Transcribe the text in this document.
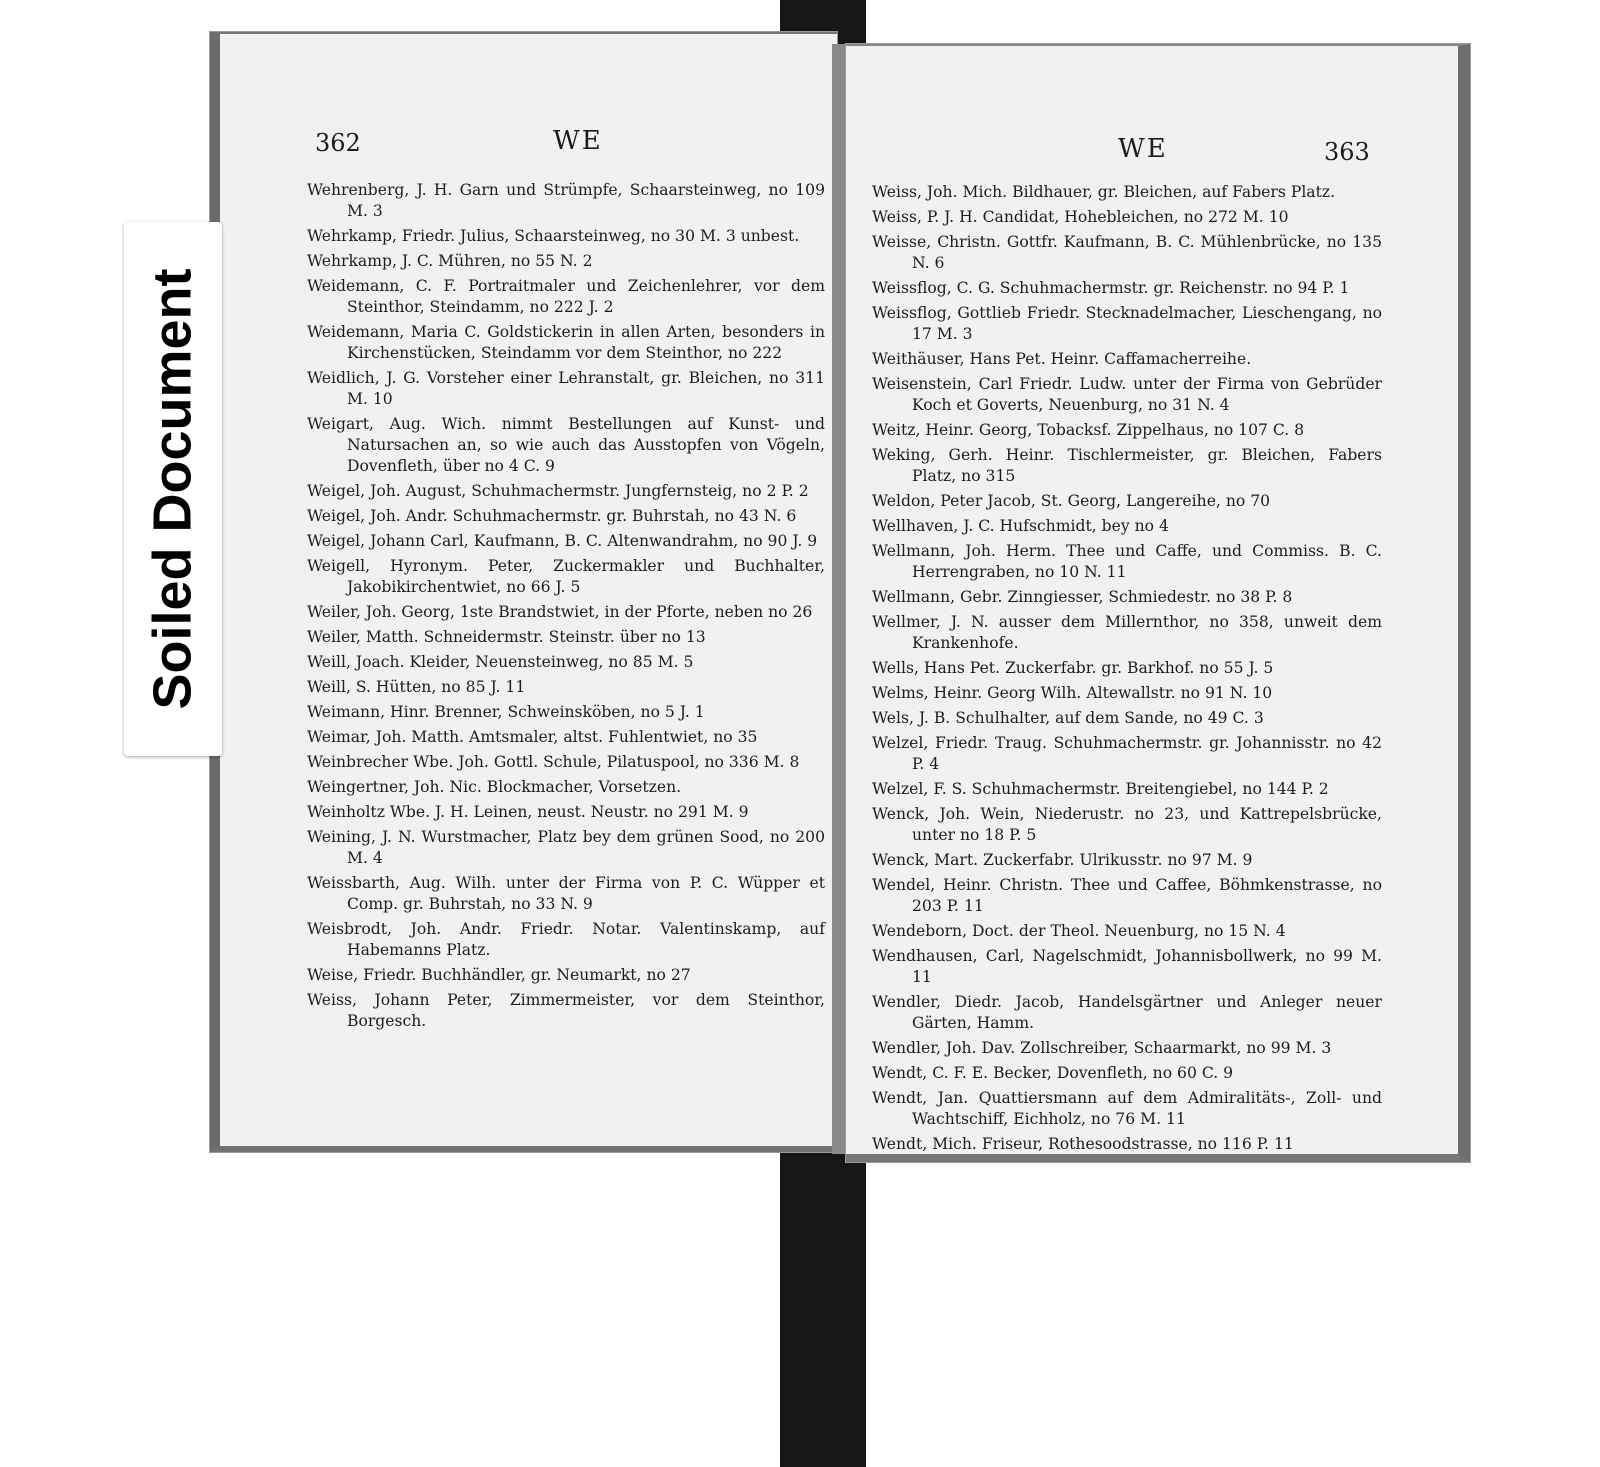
362	WE
Wehrenberg, J. H. Garn und Strümpfe, Schaarsteinweg, no 109 M. 3
Wehrkamp, Friedr. Julius, Schaarsteinweg, no 30 M. 3 unbest.
Wehrkamp, J. C. Mühren, no 55 N. 2
Weidemann, C. F. Portraitmaler und Zeichenlehrer, vor dem Steinthor, Steindamm, no 222 J. 2
Weidemann, Maria C. Goldstickerin in allen Arten, besonders in Kirchenstücken, Steindamm vor dem Steinthor, no 222
Weidlich, J. G. Vorsteher einer Lehranstalt, gr. Bleichen, no 311 M. 10
Weigart, Aug. Wich. nimmt Bestellungen auf Kunst- und Natursachen an, so wie auch das Ausstopfen von Vögeln, Dovenfleth, über no 4 C. 9
Weigel, Joh. August, Schuhmachermstr. Jungfernsteig, no 2 P. 2
Weigel, Joh. Andr. Schuhmachermstr. gr. Buhrstah, no 43 N. 6
Weigel, Johann Carl, Kaufmann, B. C. Altenwandrahm, no 90 J. 9
Weigell, Hyronym. Peter, Zuckermakler und Buchhalter, Jakobikirchentwiet, no 66 J. 5
Weiler, Joh. Georg, 1ste Brandstwiet, in der Pforte, neben no 26
Weiler, Matth. Schneidermstr. Steinstr. über no 13
Weill, Joach. Kleider, Neuensteinweg, no 85 M. 5
Weill, S. Hütten, no 85 J. 11
Weimann, Hinr. Brenner, Schweinsköben, no 5 J. 1
Weimar, Joh. Matth. Amtsmaler, altst. Fuhlentwiet, no 35
Weinbrecher Wbe. Joh. Gottl. Schule, Pilatuspool, no 336 M. 8
Weingertner, Joh. Nic. Blockmacher, Vorsetzen.
Weinholtz Wbe. J. H. Leinen, neust. Neustr. no 291 M. 9
Weining, J. N. Wurstmacher, Platz bey dem grünen Sood, no 200 M. 4
Weissbarth, Aug. Wilh. unter der Firma von P. C. Wüpper et Comp. gr. Buhrstah, no 33 N. 9
Weisbrodt, Joh. Andr. Friedr. Notar. Valentinskamp, auf Habemanns Platz.
Weise, Friedr. Buchhändler, gr. Neumarkt, no 27
Weiss, Johann Peter, Zimmermeister, vor dem Steinthor, Borgesch.
WE	363
Weiss, Joh. Mich. Bildhauer, gr. Bleichen, auf Fabers Platz.
Weiss, P. J. H. Candidat, Hohebleichen, no 272 M. 10
Weisse, Christn. Gottfr. Kaufmann, B. C. Mühlenbrücke, no 135 N. 6
Weissflog, C. G. Schuhmachermstr. gr. Reichenstr. no 94 P. 1
Weissflog, Gottlieb Friedr. Stecknadelmacher, Lieschengang, no 17 M. 3
Weithäuser, Hans Pet. Heinr. Caffamacherreihe.
Weisenstein, Carl Friedr. Ludw. unter der Firma von Gebrüder Koch et Goverts, Neuenburg, no 31 N. 4
Weitz, Heinr. Georg, Tobacksf. Zippelhaus, no 107 C. 8
Weking, Gerh. Heinr. Tischlermeister, gr. Bleichen, Fabers Platz, no 315
Weldon, Peter Jacob, St. Georg, Langereihe, no 70
Wellhaven, J. C. Hufschmidt, bey no 4
Wellmann, Joh. Herm. Thee und Caffe, und Commiss. B. C. Herrengraben, no 10 N. 11
Wellmann, Gebr. Zinngiesser, Schmiedestr. no 38 P. 8
Wellmer, J. N. ausser dem Millernthor, no 358, unweit dem Krankenhofe.
Wells, Hans Pet. Zuckerfabr. gr. Barkhof. no 55 J. 5
Welms, Heinr. Georg Wilh. Altewallstr. no 91 N. 10
Wels, J. B. Schulhalter, auf dem Sande, no 49 C. 3
Welzel, Friedr. Traug. Schuhmachermstr. gr. Johannisstr. no 42 P. 4
Welzel, F. S. Schuhmachermstr. Breitengiebel, no 144 P. 2
Wenck, Joh. Wein, Niederustr. no 23, und Kattrepelsbrücke, unter no 18 P. 5
Wenck, Mart. Zuckerfabr. Ulrikusstr. no 97 M. 9
Wendel, Heinr. Christn. Thee und Caffee, Böhmkenstrasse, no 203 P. 11
Wendeborn, Doct. der Theol. Neuenburg, no 15 N. 4
Wendhausen, Carl, Nagelschmidt, Johannisbollwerk, no 99 M. 11
Wendler, Diedr. Jacob, Handelsgärtner und Anleger neuer Gärten, Hamm.
Wendler, Joh. Dav. Zollschreiber, Schaarmarkt, no 99 M. 3
Wendt, C. F. E. Becker, Dovenfleth, no 60 C. 9
Wendt, Jan. Quattiersmann auf dem Admiralitäts-, Zoll- und Wachtschiff, Eichholz, no 76 M. 11
Wendt, Mich. Friseur, Rothesoodstrasse, no 116 P. 11
Soiled Document
